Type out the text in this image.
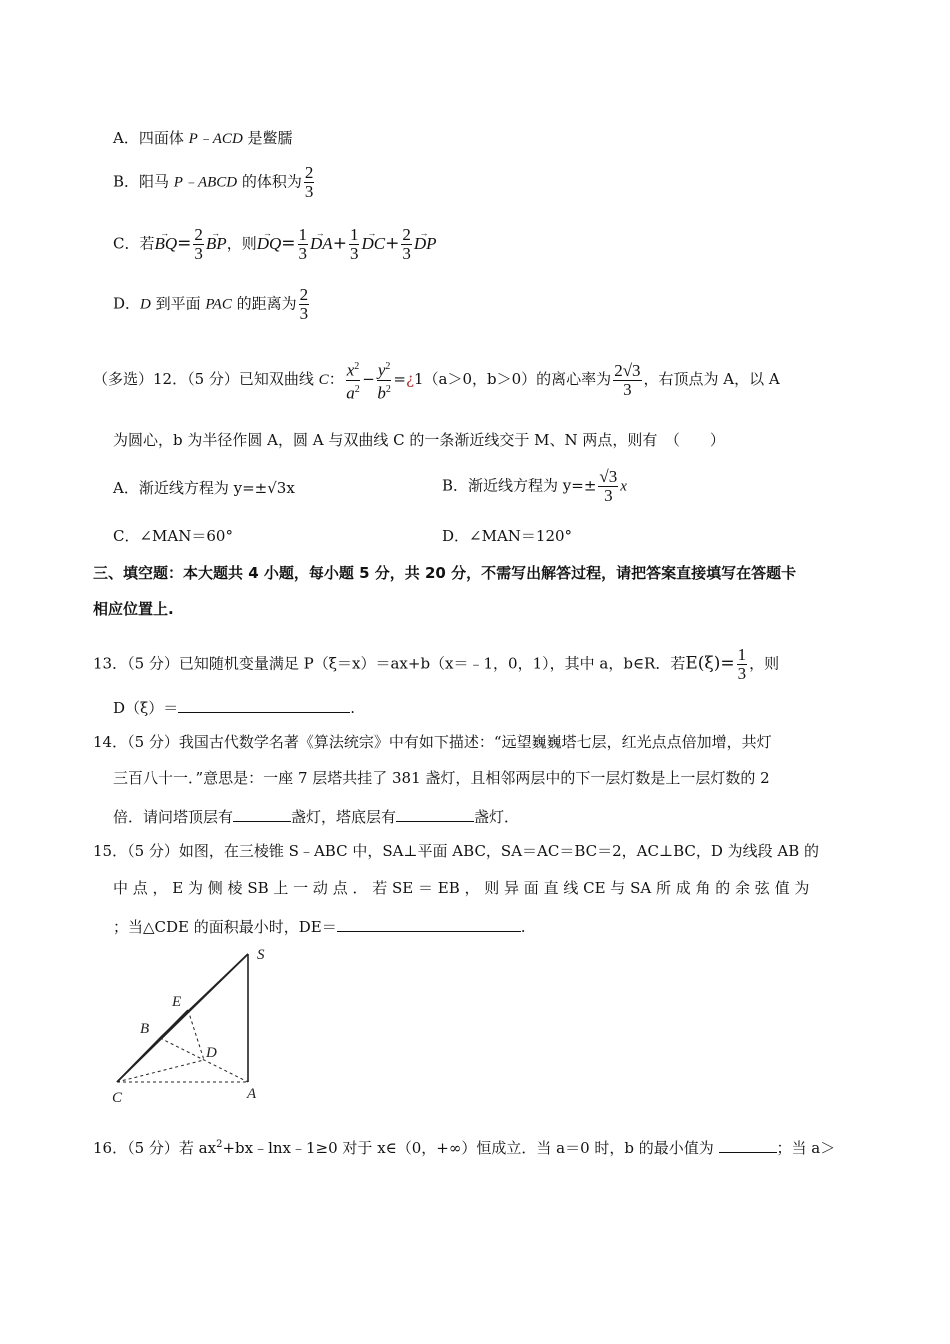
A．四面体 P﹣ACD 是鳖臑
B．阳马 P﹣ABCD 的体积为 $\frac{2}{3}$
C．若→ $BQ= \frac{2}{3}$
→ BP，则→ $DQ= \frac{1}{3}$
→ $DA+ \frac{1}{3}$
→ $DC+ \frac{2}{3}$
→ DP
D．D 到平面 PAC 的距离为 $\frac{2}{3}$
（多选）12．（5 分）已知双曲线 C： $\frac{x^2}{a^2} - \frac{y^2}{b^2}$ =¿1（a＞0，b＞0）的离心率为 $\frac{2√3}{3}$ ，右顶点为 A，以 A
为圆心，b 为半径作圆 A，圆 A 与双曲线 C 的一条渐近线交于 M、N 两点，则有　（　　）
A．渐近线方程为 y=±√3x	B．渐近线方程为 $y=\pm \frac{√3}{3}$ x
C．∠MAN＝60°	D．∠MAN＝120°
三、填空题：本大题共 4 小题，每小题 5 分，共 20 分，不需写出解答过程，请把答案直接填写在答题卡
相应位置上.
13．（5 分）已知随机变量满足 P（ξ＝x）＝ax+b（x＝﹣1，0，1），其中 a，b∈R．若$E(\xi)= \frac{1}{3}$ ，则
D（ξ）＝	.
14．（5 分）我国古代数学名著《算法统宗》中有如下描述：“远望巍巍塔七层，红光点点倍加增，共灯
三百八十一．”意思是：一座 7 层塔共挂了 381 盏灯，且相邻两层中的下一层灯数是上一层灯数的 2
倍．请问塔顶层有	盏灯，塔底层有	盏灯．
15．（5 分）如图，在三棱锥 S﹣ABC 中，SA⊥平面 ABC，SA＝AC＝BC＝2，AC⊥BC，D 为线段 AB 的
中 点 ， E 为 侧 棱 SB 上 一 动 点 ． 若 SE ＝ EB ， 则 异 面 直 线 CE 与 SA 所 成 角 的 余 弦 值 为
；当△CDE 的面积最小时，DE＝	.
S
E
B
D
C	A
16．（5 分）若 $ax^2+bx﹣\ln x﹣1\ge 0$ 对于 x∈（0，+∞）恒成立．当 a＝0 时，b 的最小值为	；当 a＞
